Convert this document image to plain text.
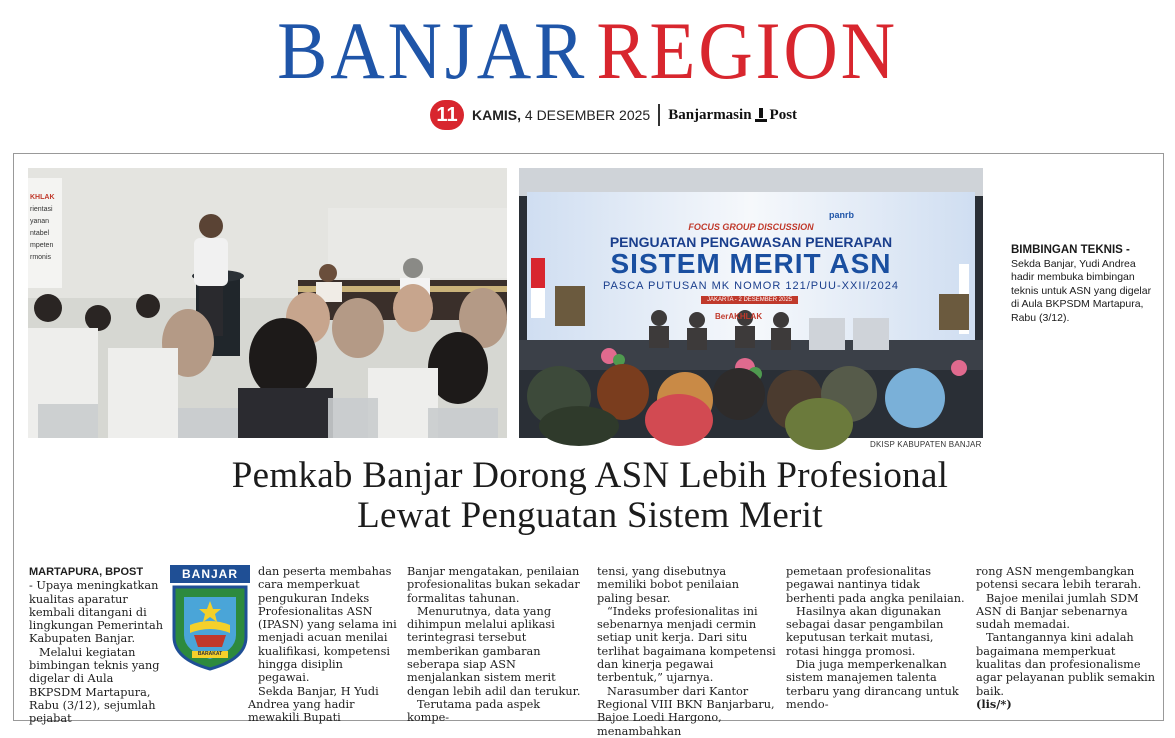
BANJAR REGION
11	KAMIS, 4 DESEMBER 2025 Banjarmasin Post
KHLAK
rientasi
yanan
ntabel
mpeten
rmonis
panrb
FOCUS GROUP DISCUSSION
PENGUATAN PENGAWASAN PENERAPAN
SISTEM MERIT ASN
PASCA PUTUSAN MK NOMOR 121/PUU-XXII/2024
JAKARTA - 2 DESEMBER 2025
BerAKHLAK
DKISP KABUPATEN BANJAR
BIMBINGAN TEKNIS - Sekda Banjar, Yudi Andrea hadir membuka bimbingan teknis untuk ASN yang digelar di Aula BKPSDM Martapura, Rabu (3/12).
Pemkab Banjar Dorong ASN Lebih Profesional
Lewat Penguatan Sistem Merit
BANJAR
BARAKAT

MARTAPURA, BPOST

- Upaya meningkatkan kualitas aparatur kembali ditangani di lingkungan Pemerintah Kabupaten Banjar.

Melalui kegiatan bimbingan teknis yang digelar di Aula BKPSDM Martapura, Rabu (3/12), sejumlah pejabat

dan peserta membahas cara memperkuat pengukuran Indeks Profesionalitas ASN (IPASN) yang selama ini menjadi acuan menilai kualifikasi, kompetensi hingga disiplin pegawai.

Sekda Banjar, H Yudi Andrea yang hadir mewakili Bupati

Banjar mengatakan, penilaian profesionalitas bukan sekadar formalitas tahunan.

Menurutnya, data yang dihimpun melalui aplikasi terintegrasi tersebut memberikan gambaran seberapa siap ASN menjalankan sistem merit dengan lebih adil dan terukur.

Terutama pada aspek kompe-

tensi, yang disebutnya memiliki bobot penilaian paling besar.

“Indeks profesionalitas ini sebenarnya menjadi cermin setiap unit kerja. Dari situ terlihat bagaimana kompetensi dan kinerja pegawai terbentuk,” ujarnya.

Narasumber dari Kantor Regional VIII BKN Banjarbaru, Bajoe Loedi Hargono, menambahkan

pemetaan profesionalitas pegawai nantinya tidak berhenti pada angka penilaian.

Hasilnya akan digunakan sebagai dasar pengambilan keputusan terkait mutasi, rotasi hingga promosi.

Dia juga memperkenalkan sistem manajemen talenta terbaru yang dirancang untuk mendo-

rong ASN mengembangkan potensi secara lebih terarah.

Bajoe menilai jumlah SDM ASN di Banjar sebenarnya sudah memadai.

Tantangannya kini adalah bagaimana memperkuat kualitas dan profesionalisme agar pelayanan publik semakin baik.

(lis/*)
